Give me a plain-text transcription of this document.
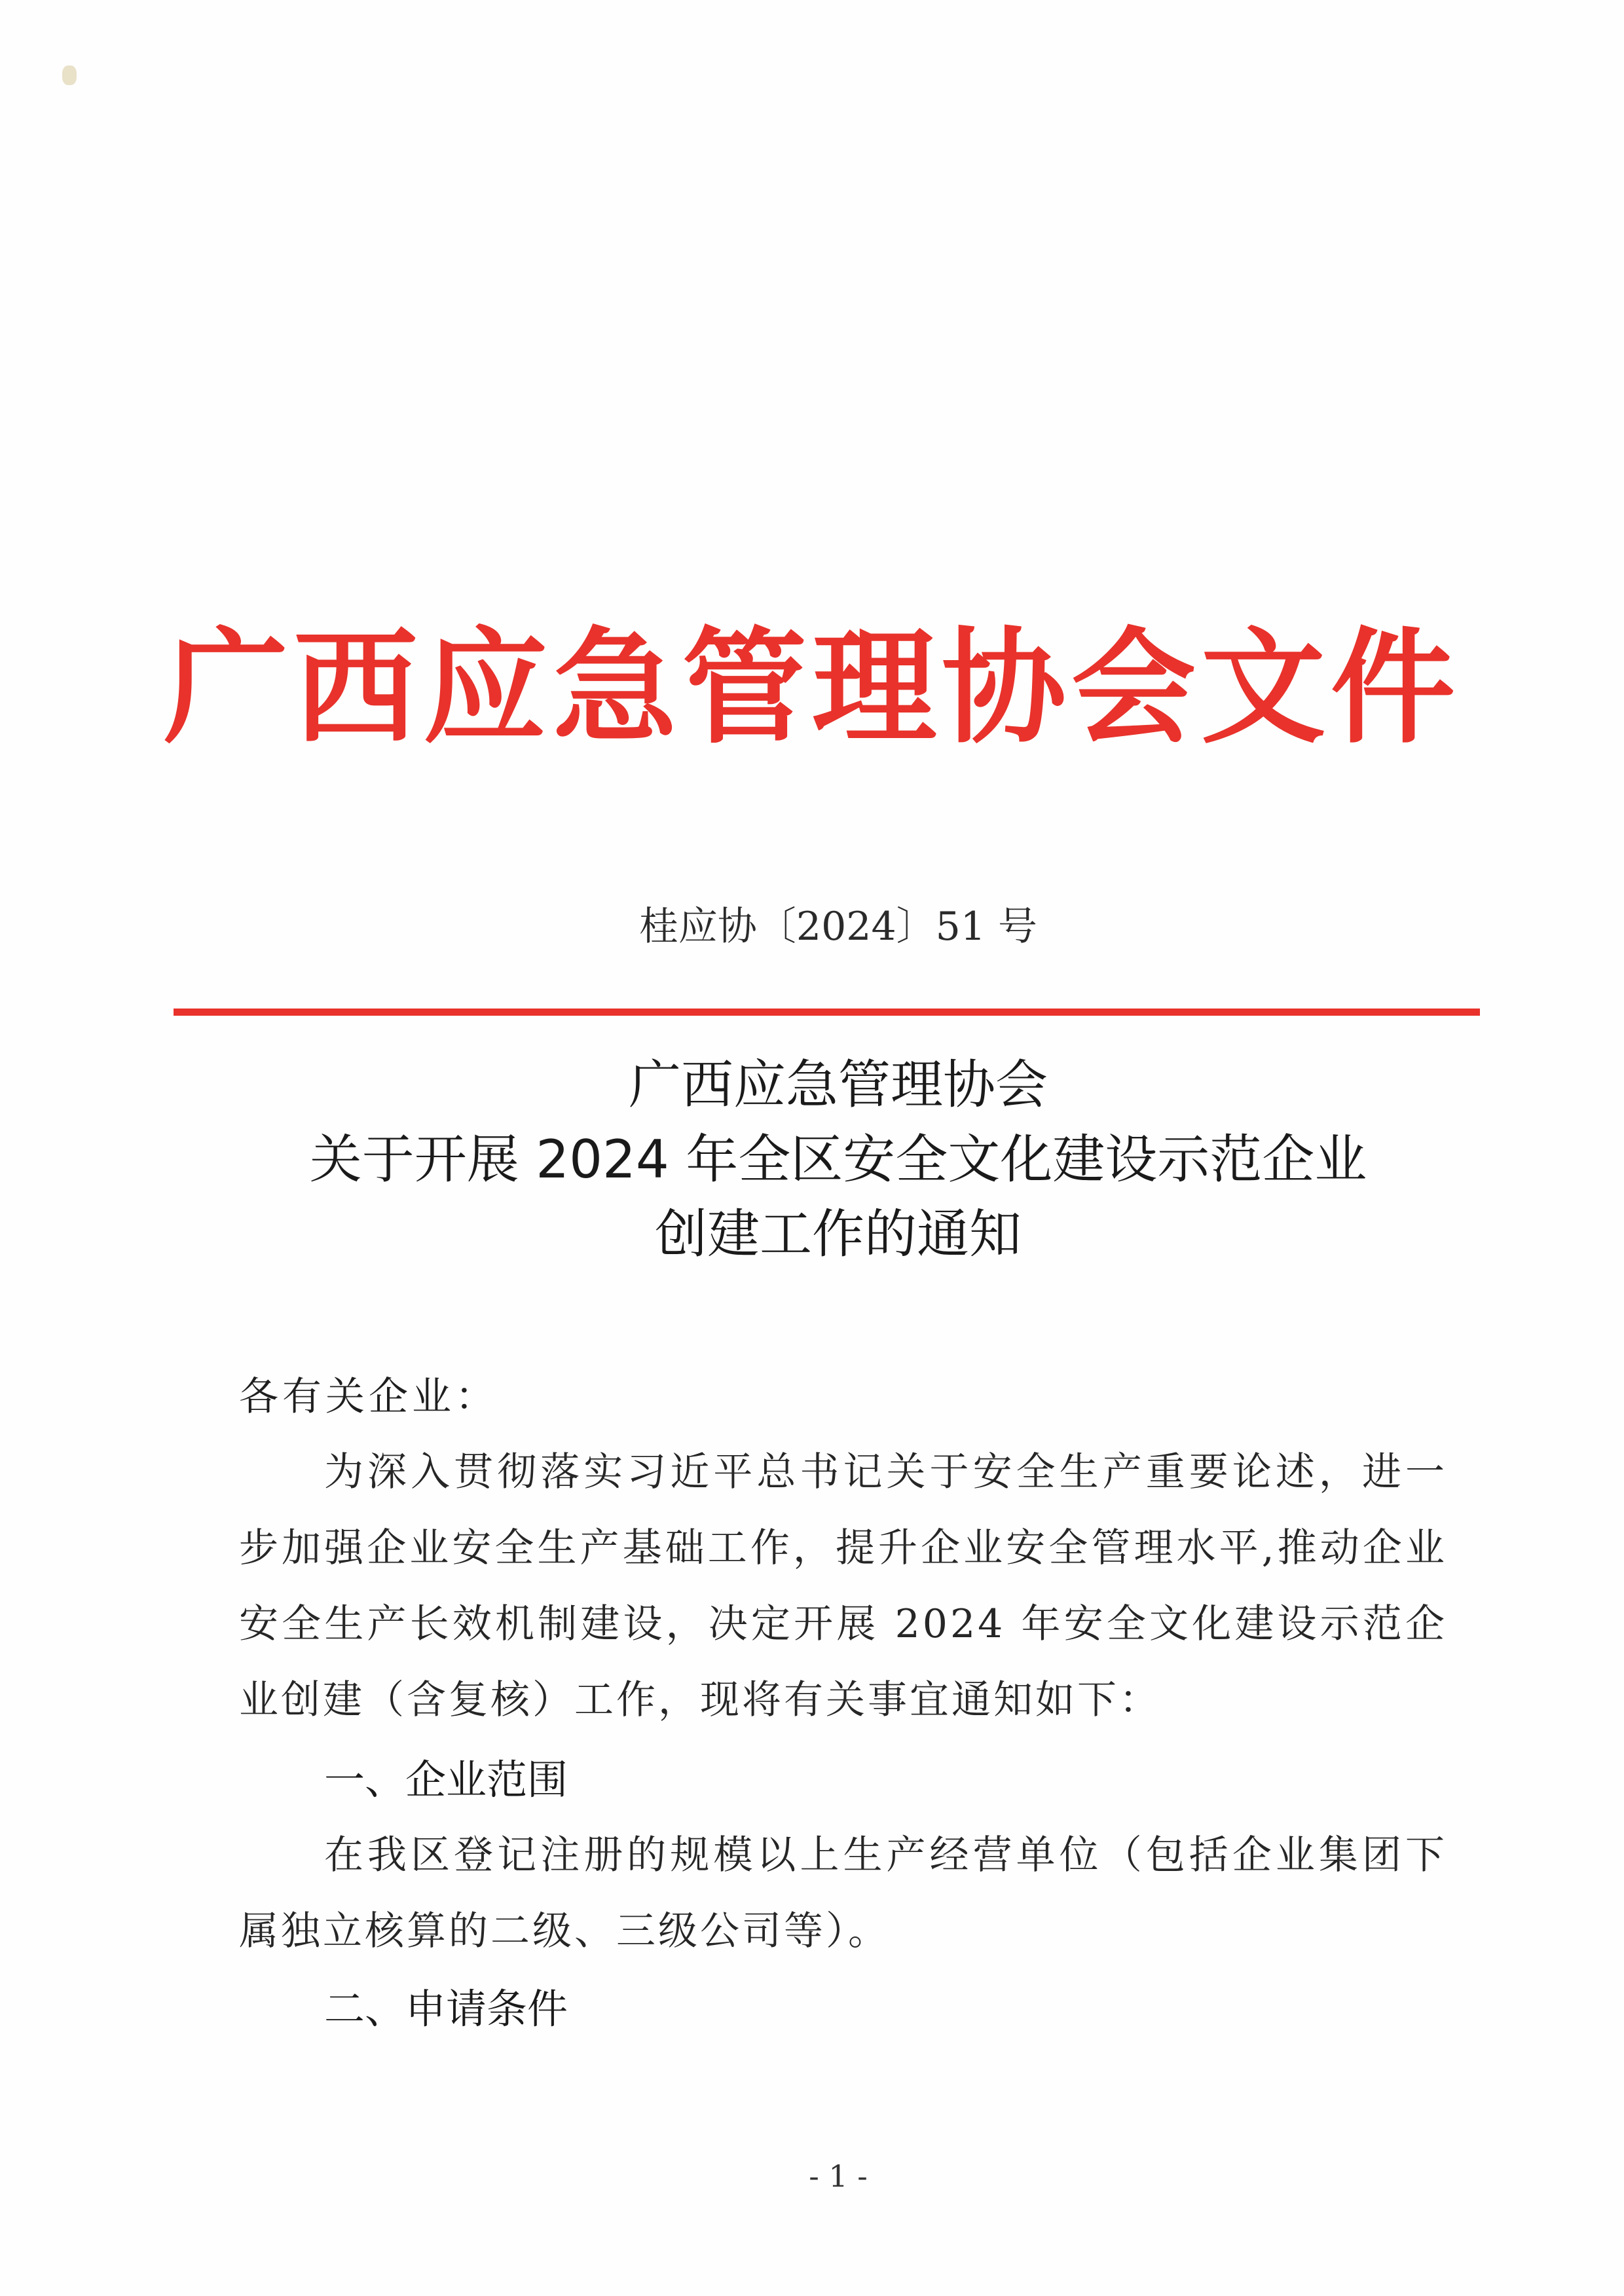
广西应急管理协会文件
桂应协〔2024〕51 号
广西应急管理协会
关于开展 2024 年全区安全文化建设示范企业
创建工作的通知
各有关企业：
为深入贯彻落实习近平总书记关于安全生产重要论述，进一步加强企业安全生产基础工作，提升企业安全管理水平,推动企业安全生产长效机制建设，决定开展 2024 年安全文化建设示范企业创建（含复核）工作，现将有关事宜通知如下：
一、企业范围
在我区登记注册的规模以上生产经营单位（包括企业集团下属独立核算的二级、三级公司等）。
二、申请条件
- 1 -
